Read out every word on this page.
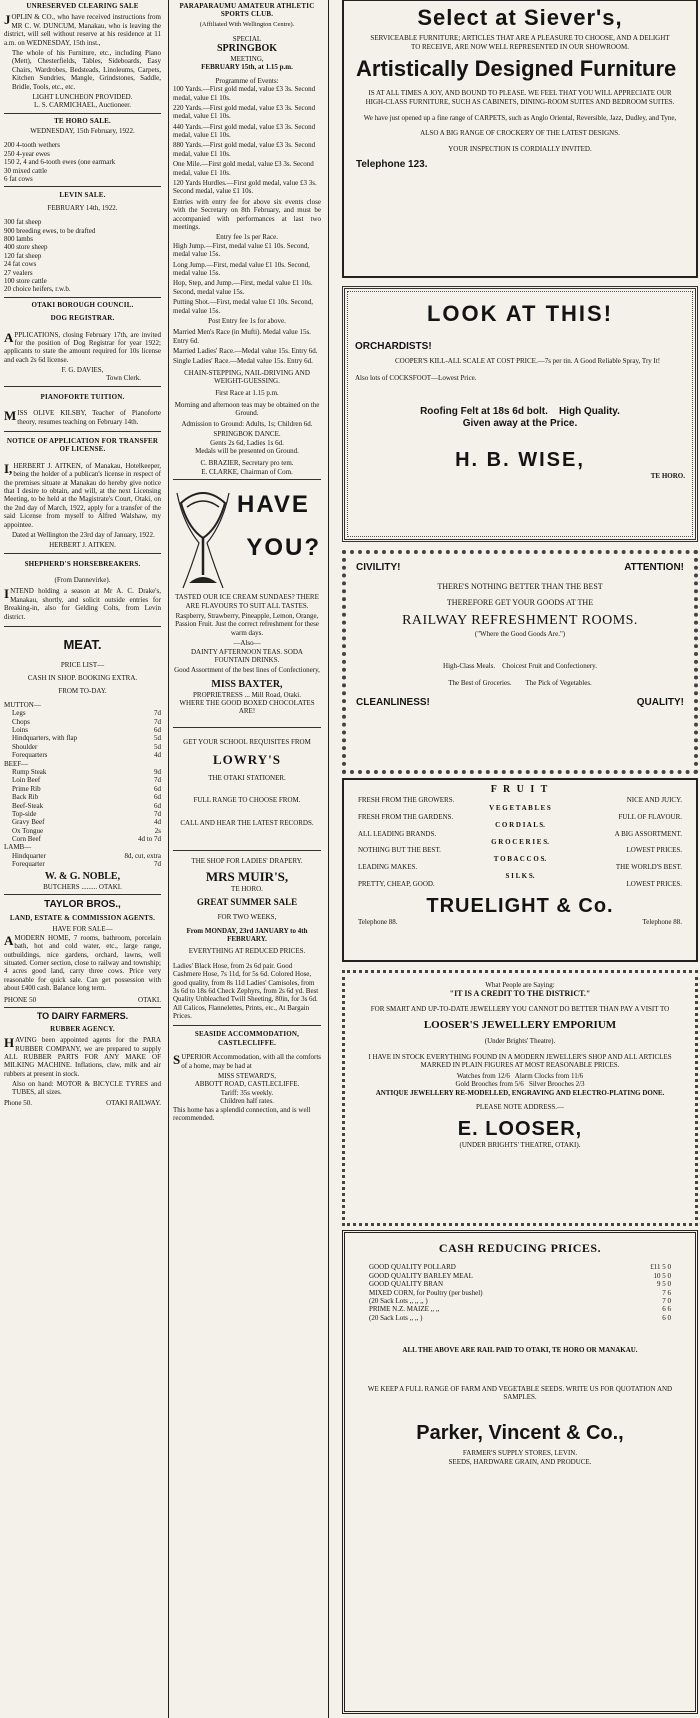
UNRESERVED CLEARING SALE

JOPLIN & CO., who have received instructions from MR C. W. DUNCUM, Manakau, who is leaving the district, will sell without reserve at his residence at 11 a.m. on WEDNESDAY, 15th inst.,

The whole of his Furniture, etc., including Piano (Mett), Chesterfields, Tables, Sideboards, Easy Chairs, Wardrobes, Bedsteads, Linoleums, Carpets, Kitchen Sundries, Mangle, Grindstones, Saddle, Bridle, Tools, etc., etc.

LIGHT LUNCHEON PROVIDED.
L. S. CARMICHAEL, Auctioneer.
TE HORO SALE.
WEDNESDAY, 15th February, 1922.
200 4-tooth wethers
250 4-year ewes
150 2, 4 and 6-tooth ewes (one earmark
30 mixed cattle
6 fat cows
LEVIN SALE.
FEBRUARY 14th, 1922.
300 fat sheep
900 breeding ewes, to be drafted
800 lambs
400 store sheep
120 fat sheep
24 fat cows
27 vealers
100 store cattle
20 choice heifers, r.w.b.
OTAKI BOROUGH COUNCIL.
DOG REGISTRAR.

APPLICATIONS, closing February 17th, are invited for the position of Dog Registrar for year 1922; applicants to state the amount required for 10s license and each 2s 6d license.

F. G. DAVIES,
Town Clerk.
PIANOFORTE TUITION.

MISS OLIVE KILSBY, Teacher of Pianoforte theory, resumes teaching on February 14th.

NOTICE OF APPLICATION FOR TRANSFER OF LICENSE.

I,HERBERT J. AITKEN, of Manakau, Hotelkeeper, being the holder of a publican's license in respect of the premises situate at Manakau do hereby give notice that I desire to obtain, and will, at the next Licensing Meeting, to be held at the Magistrate's Court, Otaki, on the 2nd day of March, 1922, apply for a transfer of the said License from myself to Alfred Walshaw, my appointee.

Dated at Wellington the 23rd day of January, 1922.

HERBERT J. AITKEN.
SHEPHERD'S HORSEBREAKERS.
(From Dannevirke).

INTEND holding a season at Mr A. C. Drake's, Manakau, shortly, and solicit outside entries for Breaking-in, also for Gelding Colts, from Levin district.

MEAT.
PRICE LIST—
CASH IN SHOP. BOOKING EXTRA.
FROM TO-DAY.
MUTTON—
Legs	7d
Chops	7d
Loins	6d
Hindquarters, with flap	5d
Shoulder	5d
Forequarters	4d
BEEF—
Rump Steak	9d
Loin Beef	7d
Prime Rib	6d
Back Rib	6d
Beef-Steak	6d
Top-side	7d
Gravy Beef	4d
Ox Tongue	2s
Corn Beef	4d to 7d
LAMB—
Hindquarter	8d, cut, extra
Forequarter	7d
W. & G. NOBLE,
BUTCHERS ......... OTAKI.
TAYLOR BROS.,
LAND, ESTATE & COMMISSION AGENTS.
HAVE FOR SALE—

AMODERN HOME, 7 rooms, bathroom, porcelain bath, hot and cold water, etc., large range, outbuildings, nice gardens, orchard, lawns, well situated. Corner section, close to railway and township; 4 acres good land, carry three cows. Price very reasonable for quick sale. Can get possession with about £400 cash. Balance long term.

PHONE 50	OTAKI.
TO DAIRY FARMERS.
RUBBER AGENCY.

HAVING been appointed agents for the PARA RUBBER COMPANY, we are prepared to supply ALL RUBBER PARTS FOR ANY MAKE OF MILKING MACHINE. Inflations, claw, milk and air rubbers at present in stock.

Also on hand: MOTOR & BICYCLE TYRES and TUBES, all sizes.

Phone 50.	OTAKI RAILWAY.
PARAPARAUMU AMATEUR ATHLETIC SPORTS CLUB.
(Affiliated With Wellington Centre).
SPECIAL
SPRINGBOK
MEETING,
FEBRUARY 15th, at 1.15 p.m.
Programme of Events:

100 Yards.—First gold medal, value £3 3s. Second medal, value £1 10s.

220 Yards.—First gold medal, value £3 3s. Second medal, value £1 10s.

440 Yards.—First gold medal, value £3 3s. Second medal, value £1 10s.

880 Yards.—First gold medal, value £3 3s. Second medal, value £1 10s.

One Mile.—First gold medal, value £3 3s. Second medal, value £1 10s.

120 Yards Hurdles.—First gold medal, value £3 3s. Second medal, value £1 10s.

Entries with entry fee for above six events close with the Secretary on 8th February, and must be accompanied with performances at last two meetings.

Entry fee 1s per Race.

High Jump.—First, medal value £1 10s. Second, medal value 15s.

Long Jump.—First, medal value £1 10s. Second, medal value 15s.

Hop, Step, and Jump.—First, medal value £1 10s. Second, medal value 15s.

Putting Shot.—First, medal value £1 10s. Second, medal value 15s.

Post Entry fee 1s for above.

Married Men's Race (in Mufti). Medal value 15s. Entry 6d.

Married Ladies' Race.—Medal value 15s. Entry 6d.

Single Ladies' Race.—Medal value 15s. Entry 6d.

CHAIN-STEPPING, NAIL-DRIVING AND WEIGHT-GUESSING.
First Race at 1.15 p.m.

Morning and afternoon teas may be obtained on the Ground.

Admission to Ground: Adults, 1s; Children 6d.

SPRINGBOK DANCE.
Gents 2s 6d, Ladies 1s 6d.
Medals will be presented on Ground.
C. BRAZIER, Secretary pro tem.
E. CLARKE, Chairman of Com.
HAVE
YOU?

TASTED OUR ICE CREAM SUNDAES? THERE ARE FLAVOURS TO SUIT ALL TASTES.

Raspberry, Strawberry, Pineapple, Lemon, Orange, Passion Fruit. Just the correct refreshment for these warm days.

—Also—

DAINTY AFTERNOON TEAS. SODA FOUNTAIN DRINKS.

Good Assortment of the best lines of Confectionery,

MISS BAXTER,
PROPRIETRESS ... Mill Road, Otaki.
WHERE THE GOOD BOXED CHOCOLATES ARE!
GET YOUR SCHOOL REQUISITES FROM
LOWRY'S
THE OTAKI STATIONER.
FULL RANGE TO CHOOSE FROM.
CALL AND HEAR THE LATEST RECORDS.
THE SHOP FOR LADIES' DRAPERY.
MRS MUIR'S,
TE HORO.
GREAT SUMMER SALE
FOR TWO WEEKS,

From MONDAY, 23rd JANUARY to 4th FEBRUARY.

EVERYTHING AT REDUCED PRICES.

Ladies' Black Hose, from 2s 6d pair. Good Cashmere Hose, 7s 11d, for 5s 6d. Colored Hose, good quality, from 8s 11d Ladies' Camisoles, from 3s 6d to 18s 6d Check Zephyrs, from 2s 6d yd. Best Quality Unbleached Twill Sheeting, 80in, for 3s 6d. All Calicos, Flannelettes, Prints, etc., At Bargain Prices.

SEASIDE ACCOMMODATION, CASTLECLIFFE.

SUPERIOR Accommodation, with all the comforts of a home, may be had at

MISS STEWARD'S,
ABBOTT ROAD, CASTLECLIFFE.
Tariff: 35s weekly.
Children half rates.

This home has a splendid connection, and is well recommended.

Select at Siever's,

SERVICEABLE FURNITURE; ARTICLES THAT ARE A PLEASURE TO CHOOSE, AND A DELIGHT TO RECEIVE, ARE NOW WELL REPRESENTED IN OUR SHOWROOM.

Artistically Designed Furniture

IS AT ALL TIMES A JOY, AND BOUND TO PLEASE. WE FEEL THAT YOU WILL APPRECIATE OUR HIGH-CLASS FURNITURE, SUCH AS CABINETS, DINING-ROOM SUITES AND BEDROOM SUITES.

We have just opened up a fine range of CARPETS, such as Anglo Oriental, Reversible, Jazz, Dudley, and Tyne,

ALSO A BIG RANGE OF CROCKERY OF THE LATEST DESIGNS.

YOUR INSPECTION IS CORDIALLY INVITED.
Telephone 123.
LOOK AT THIS!
ORCHARDISTS!

COOPER'S KILL-ALL SCALE AT COST PRICE.—7s per tin. A Good Reliable Spray, Try It!

Also lots of COCKSFOOT—Lowest Price.

Roofing Felt at 18s 6d bolt.    High Quality.
Given away at the Price.
H. B. WISE,
TE HORO.
CIVILITY!	ATTENTION!
THERE'S NOTHING BETTER THAN THE BEST
THEREFORE GET YOUR GOODS AT THE
RAILWAY REFRESHMENT ROOMS.
("Where the Good Goods Are.")
High-Class Meals.    Choicest Fruit and Confectionery.
The Best of Groceries.        The Pick of Vegetables.
CLEANLINESS!	QUALITY!
F R U I T
FRESH FROM THE GROWERS.	NICE AND JUICY.
V E G E T A B L E S
FRESH FROM THE GARDENS.	FULL OF FLAVOUR.
C O R D I A L S.
ALL LEADING BRANDS.	A BIG ASSORTMENT.
G R O C E R I E S.
NOTHING BUT THE BEST.	LOWEST PRICES.
T O B A C C O S.
LEADING MAKES.	THE WORLD'S BEST.
S I L K S.
PRETTY, CHEAP, GOOD.	LOWEST PRICES.
TRUELIGHT & Co.
Telephone 88.	Telephone 88.
What People are Saying:
"IT IS A CREDIT TO THE DISTRICT."

FOR SMART AND UP-TO-DATE JEWELLERY YOU CANNOT DO BETTER THAN PAY A VISIT TO

LOOSER'S JEWELLERY EMPORIUM
(Under Brights' Theatre).

I HAVE IN STOCK EVERYTHING FOUND IN A MODERN JEWELLER'S SHOP AND ALL ARTICLES MARKED IN PLAIN FIGURES AT MOST REASONABLE PRICES.

Watches from 12/6   Alarm Clocks from 11/6
Gold Brooches from 5/6   Silver Brooches 2/3

ANTIQUE JEWELLERY RE-MODELLED, ENGRAVING AND ELECTRO-PLATING DONE.

PLEASE NOTE ADDRESS.—
E. LOOSER,
(UNDER BRIGHTS' THEATRE, OTAKI).
CASH REDUCING PRICES.
GOOD QUALITY POLLARD	£11 5 0
GOOD QUALITY BARLEY MEAL	10 5 0
GOOD QUALITY BRAN	9 5 0
MIXED CORN, for Poultry (per bushel)	7 6
(20 Sack Lots ,, ,, ,, )	7 0
PRIME N.Z. MAIZE ,, ,,	6 6
(20 Sack Lots ,, ,, )	6 0
ALL THE ABOVE ARE RAIL PAID TO OTAKI, TE HORO OR MANAKAU.

WE KEEP A FULL RANGE OF FARM AND VEGETABLE SEEDS. WRITE US FOR QUOTATION AND SAMPLES.

Parker, Vincent & Co.,
FARMER'S SUPPLY STORES, LEVIN.
SEEDS, HARDWARE GRAIN, AND PRODUCE.
